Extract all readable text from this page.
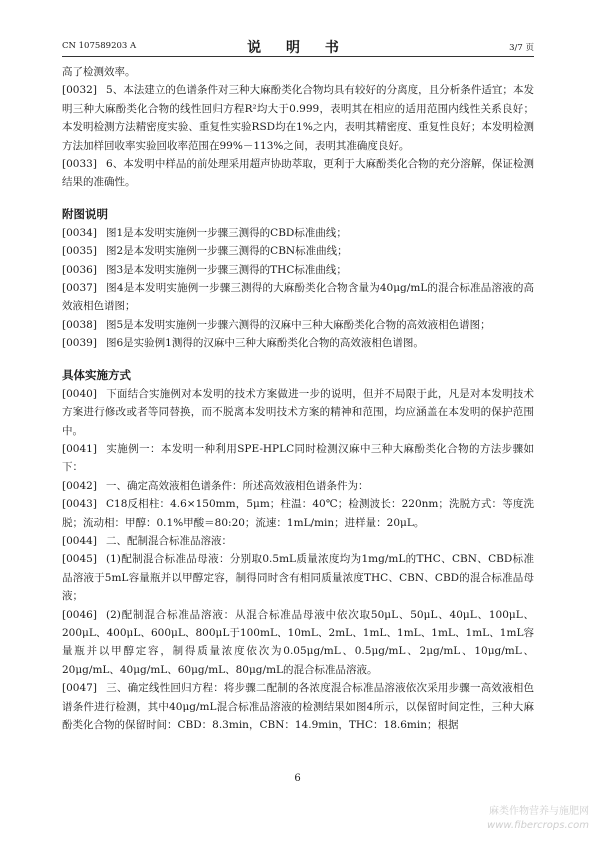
CN 107589203 A	说 明 书	3/7 页

高了检测效率。

[0032] 5、本法建立的色谱条件对三种大麻酚类化合物均具有较好的分离度，且分析条件适宜；本发明三种大麻酚类化合物的线性回归方程R²均大于0.999，表明其在相应的适用范围内线性关系良好；本发明检测方法精密度实验、重复性实验RSD均在1%之内，表明其精密度、重复性良好；本发明检测方法加样回收率实验回收率范围在99%－113%之间，表明其准确度良好。

[0033] 6、本发明中样品的前处理采用超声协助萃取，更利于大麻酚类化合物的充分溶解，保证检测结果的准确性。

附图说明

[0034] 图1是本发明实施例一步骤三测得的CBD标准曲线；

[0035] 图2是本发明实施例一步骤三测得的CBN标准曲线；

[0036] 图3是本发明实施例一步骤三测得的THC标准曲线；

[0037] 图4是本发明实施例一步骤三测得的大麻酚类化合物含量为40μg/mL的混合标准品溶液的高效液相色谱图；

[0038] 图5是本发明实施例一步骤六测得的汉麻中三种大麻酚类化合物的高效液相色谱图；

[0039] 图6是实验例1测得的汉麻中三种大麻酚类化合物的高效液相色谱图。

具体实施方式

[0040] 下面结合实施例对本发明的技术方案做进一步的说明，但并不局限于此，凡是对本发明技术方案进行修改或者等同替换，而不脱离本发明技术方案的精神和范围，均应涵盖在本发明的保护范围中。

[0041] 实施例一：本发明一种利用SPE-HPLC同时检测汉麻中三种大麻酚类化合物的方法步骤如下：

[0042] 一、确定高效液相色谱条件：所述高效液相色谱条件为：

[0043] C18反相柱：4.6×150mm，5μm；柱温：40℃；检测波长：220nm；洗脱方式：等度洗脱；流动相：甲醇：0.1%甲酸＝80:20；流速：1mL/min；进样量：20μL。

[0044] 二、配制混合标准品溶液：

[0045] (1)配制混合标准品母液：分别取0.5mL质量浓度均为1mg/mL的THC、CBN、CBD标准品溶液于5mL容量瓶并以甲醇定容，制得同时含有相同质量浓度THC、CBN、CBD的混合标准品母液；

[0046] (2)配制混合标准品溶液：从混合标准品母液中依次取50μL、50μL、40μL、100μL、200μL、400μL、600μL、800μL于100mL、10mL、2mL、1mL、1mL、1mL、1mL、1mL容量瓶并以甲醇定容，制得质量浓度依次为0.05μg/mL、0.5μg/mL、2μg/mL、10μg/mL、20μg/mL、40μg/mL、60μg/mL、80μg/mL的混合标准品溶液。

[0047] 三、确定线性回归方程：将步骤二配制的各浓度混合标准品溶液依次采用步骤一高效液相色谱条件进行检测，其中40μg/mL混合标准品溶液的检测结果如图4所示，以保留时间定性，三种大麻酚类化合物的保留时间：CBD：8.3min，CBN：14.9min，THC：18.6min；根据

6
麻类作物营养与施肥网
www.fibercrops.com
